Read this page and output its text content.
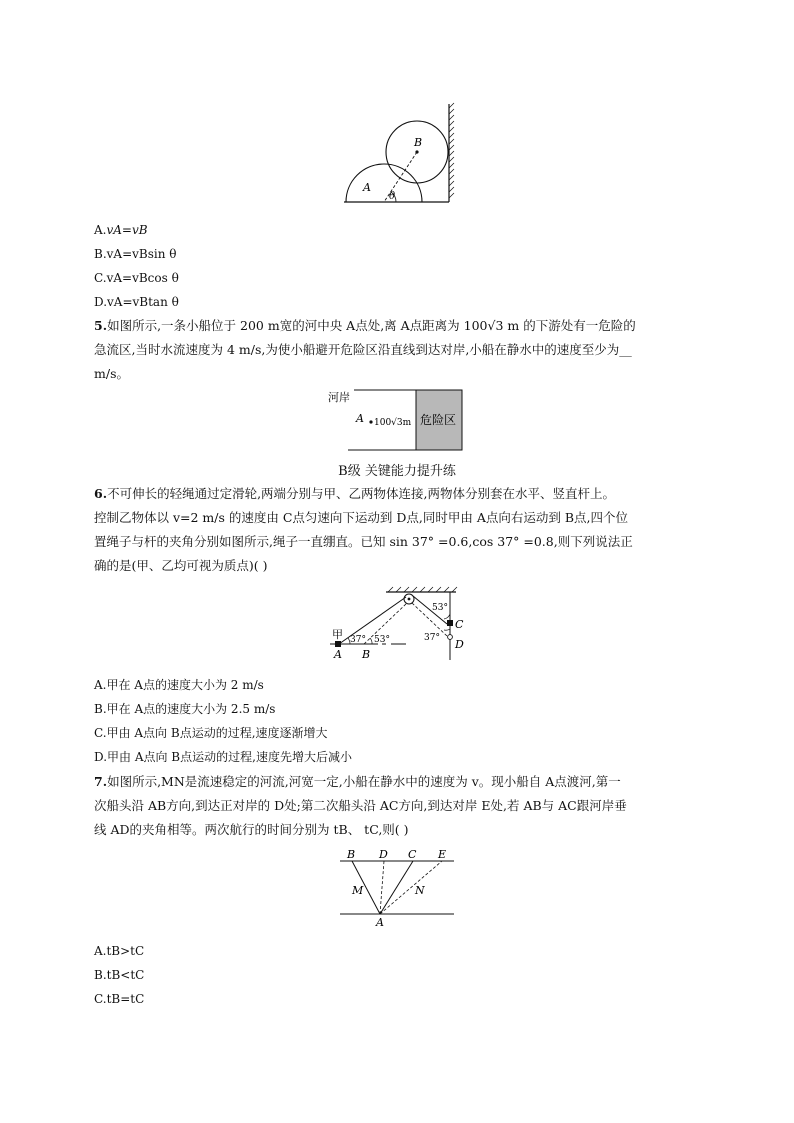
B
A
θ
A.vA=vB
B.vA=vBsin θ
C.vA=vBcos θ
D.vA=vBtan θ
5.如图所示,一条小船位于 200 m宽的河中央 A点处,离 A点距离为 100√3 m 的下游处有一危险的
急流区,当时水流速度为 4 m/s,为使小船避开危险区沿直线到达对岸,小船在静水中的速度至少为__
m/s。
河岸
A 100√3m 危险区
B级 关键能力提升练
6.不可伸长的轻绳通过定滑轮,两端分别与甲、乙两物体连接,两物体分别套在水平、竖直杆上。
控制乙物体以 v=2 m/s 的速度由 C点匀速向下运动到 D点,同时甲由 A点向右运动到 B点,四个位
置绳子与杆的夹角分别如图所示,绳子一直绷直。已知 sin 37° =0.6,cos 37° =0.8,则下列说法正
确的是(甲、乙均可视为质点)( )
甲
A B
37° 53°
53°
37°
C
D
A.甲在 A点的速度大小为 2 m/s
B.甲在 A点的速度大小为 2.5 m/s
C.甲由 A点向 B点运动的过程,速度逐渐增大
D.甲由 A点向 B点运动的过程,速度先增大后减小
7.如图所示,MN是流速稳定的河流,河宽一定,小船在静水中的速度为 v。现小船自 A点渡河,第一
次船头沿 AB方向,到达正对岸的 D处;第二次船头沿 AC方向,到达对岸 E处,若 AB与 AC跟河岸垂
线 AD的夹角相等。两次航行的时间分别为 tB、 tC,则( )
B D C E
M	N
A
A.tB>tC
B.tB<tC
C.tB=tC
